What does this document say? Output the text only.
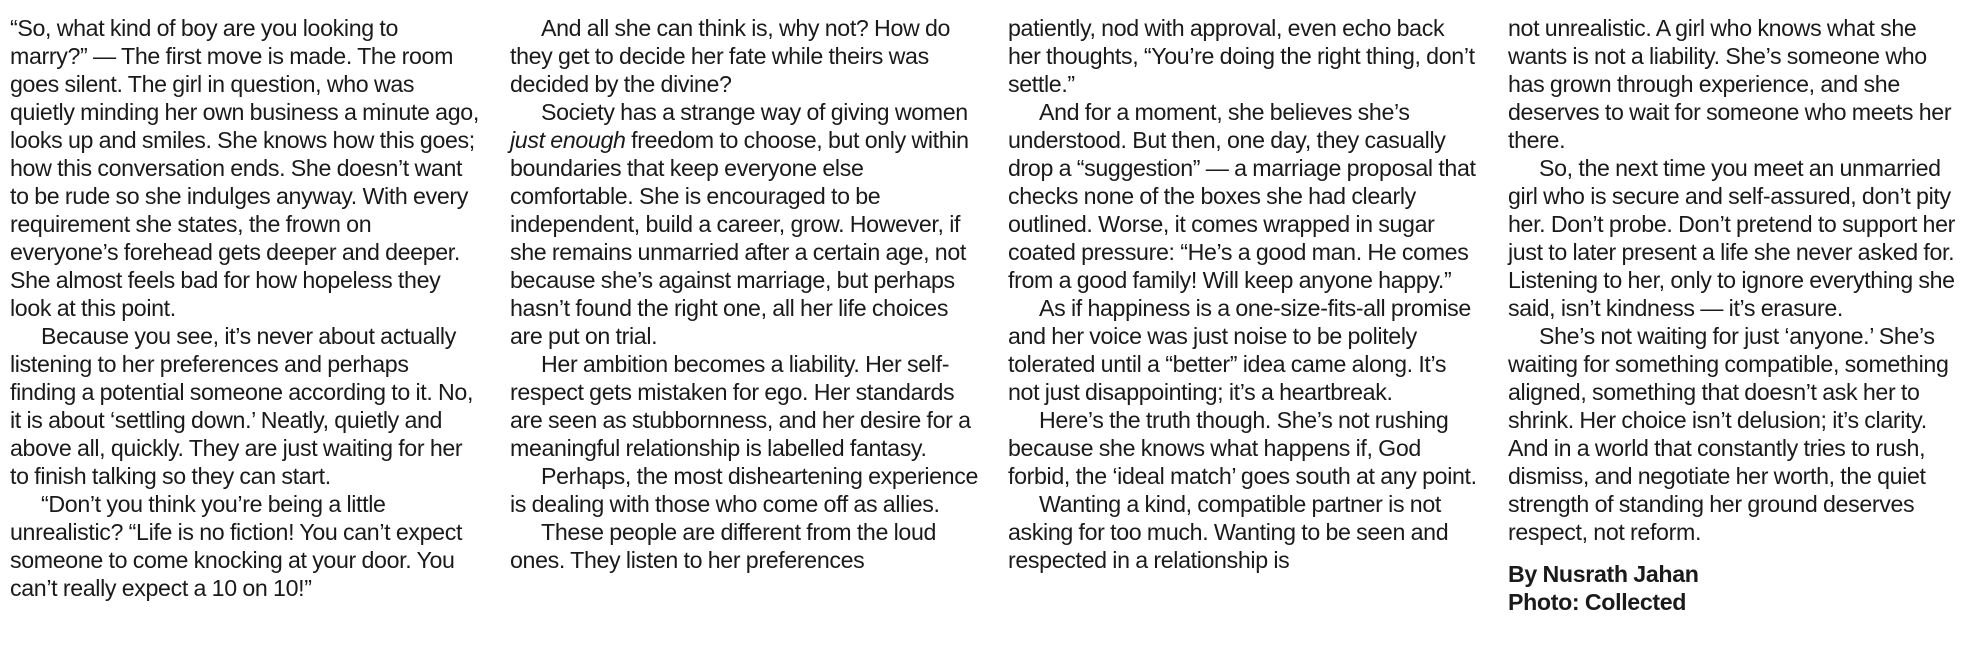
“So, what kind of boy are you looking to marry?” — The first move is made. The room goes silent. The girl in question, who was quietly minding her own business a minute ago, looks up and smiles. She knows how this goes; how this conversation ends. She doesn’t want to be rude so she indulges anyway. With every requirement she states, the frown on everyone’s forehead gets deeper and deeper. She almost feels bad for how hopeless they look at this point.

Because you see, it’s never about actually listening to her preferences and perhaps finding a potential someone according to it. No, it is about ‘settling down.’ Neatly, quietly and above all, quickly. They are just waiting for her to finish talking so they can start.

“Don’t you think you’re being a little unrealistic? “Life is no fiction! You can’t expect someone to come knocking at your door. You can’t really expect a 10 on 10!”

And all she can think is, why not? How do they get to decide her fate while theirs was decided by the divine?

Society has a strange way of giving women just enough freedom to choose, but only within boundaries that keep everyone else comfortable. She is encouraged to be independent, build a career, grow. However, if she remains unmarried after a certain age, not because she’s against marriage, but perhaps hasn’t found the right one, all her life choices are put on trial.

Her ambition becomes a liability. Her self-respect gets mistaken for ego. Her standards are seen as stubbornness, and her desire for a meaningful relationship is labelled fantasy.

Perhaps, the most disheartening experience is dealing with those who come off as allies.

These people are different from the loud ones. They listen to her preferences

patiently, nod with approval, even echo back her thoughts, “You’re doing the right thing, don’t settle.”

And for a moment, she believes she’s understood. But then, one day, they casually drop a “suggestion” — a marriage proposal that checks none of the boxes she had clearly outlined. Worse, it comes wrapped in sugar coated pressure: “He’s a good man. He comes from a good family! Will keep anyone happy.”

As if happiness is a one-size-fits-all promise and her voice was just noise to be politely tolerated until a “better” idea came along. It’s not just disappointing; it’s a heartbreak.

Here’s the truth though. She’s not rushing because she knows what happens if, God forbid, the ‘ideal match’ goes south at any point.

Wanting a kind, compatible partner is not asking for too much. Wanting to be seen and respected in a relationship is

not unrealistic. A girl who knows what she wants is not a liability. She’s someone who has grown through experience, and she deserves to wait for someone who meets her there.

So, the next time you meet an unmarried girl who is secure and self-assured, don’t pity her. Don’t probe. Don’t pretend to support her just to later present a life she never asked for. Listening to her, only to ignore everything she said, isn’t kindness — it’s erasure.

She’s not waiting for just ‘anyone.’ She’s waiting for something compatible, something aligned, something that doesn’t ask her to shrink. Her choice isn’t delusion; it’s clarity. And in a world that constantly tries to rush, dismiss, and negotiate her worth, the quiet strength of standing her ground deserves respect, not reform.

By Nusrath Jahan
Photo: Collected
